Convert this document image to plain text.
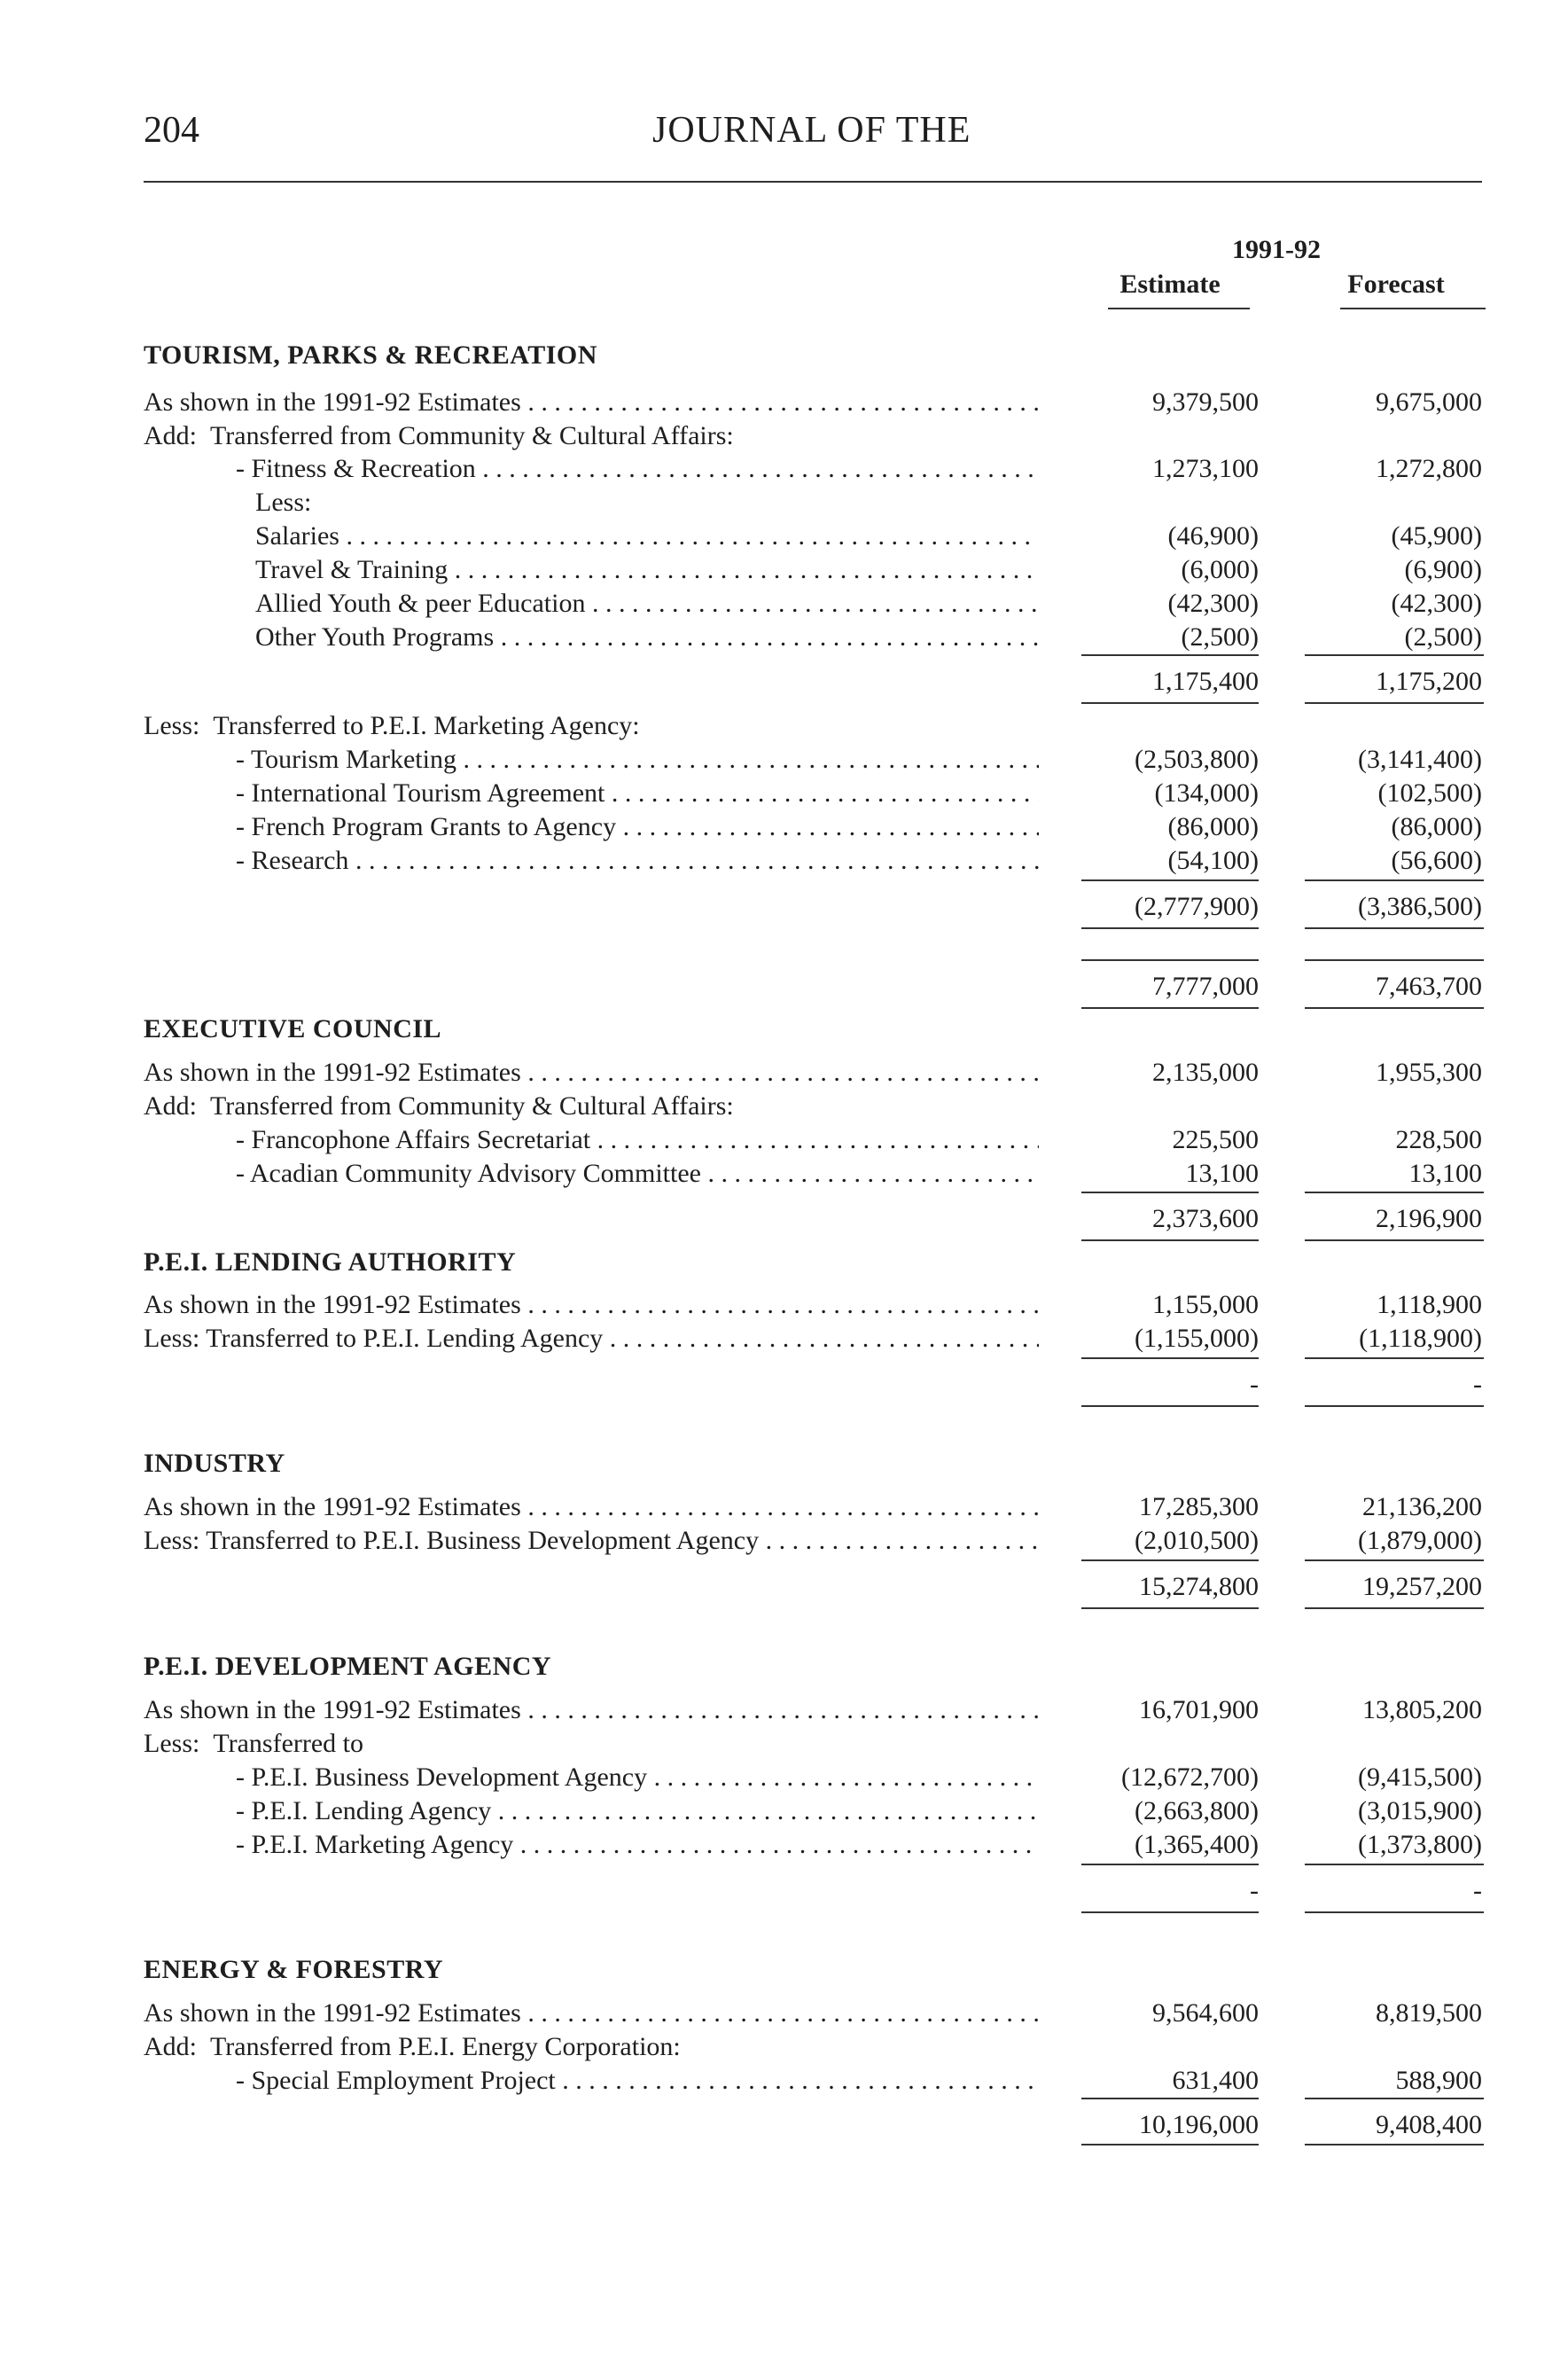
204	JOURNAL OF THE
1991-92
Estimate	Forecast
TOURISM, PARKS & RECREATION
As shown in the 1991-92 Estimates . . .	9,379,500	9,675,000
Add:  Transferred from Community & Cultural Affairs:
- Fitness & Recreation . . .	1,273,100	1,272,800
Less:
Salaries . . .	(46,900)	(45,900)
Travel & Training . . .	(6,000)	(6,900)
Allied Youth & peer Education . . .	(42,300)	(42,300)
Other Youth Programs . . .	(2,500)	(2,500)
1,175,400	1,175,200
Less:  Transferred to P.E.I. Marketing Agency:
- Tourism Marketing . . .	(2,503,800)	(3,141,400)
- International Tourism Agreement . . .	(134,000)	(102,500)
- French Program Grants to Agency . . .	(86,000)	(86,000)
- Research . . .	(54,100)	(56,600)
(2,777,900)	(3,386,500)
7,777,000	7,463,700
EXECUTIVE COUNCIL
As shown in the 1991-92 Estimates . . .	2,135,000	1,955,300
Add:  Transferred from Community & Cultural Affairs:
- Francophone Affairs Secretariat . . .	225,500	228,500
- Acadian Community Advisory Committee . . .	13,100	13,100
2,373,600	2,196,900
P.E.I. LENDING AUTHORITY
As shown in the 1991-92 Estimates . . .	1,155,000	1,118,900
Less: Transferred to P.E.I. Lending Agency . . .	(1,155,000)	(1,118,900)
-	-
INDUSTRY
As shown in the 1991-92 Estimates . . .	17,285,300	21,136,200
Less: Transferred to P.E.I. Business Development Agency . . .	(2,010,500)	(1,879,000)
15,274,800	19,257,200
P.E.I. DEVELOPMENT AGENCY
As shown in the 1991-92 Estimates . . .	16,701,900	13,805,200
Less:  Transferred to
- P.E.I. Business Development Agency . . .	(12,672,700)	(9,415,500)
- P.E.I. Lending Agency . . .	(2,663,800)	(3,015,900)
- P.E.I. Marketing Agency . . .	(1,365,400)	(1,373,800)
-	-
ENERGY & FORESTRY
As shown in the 1991-92 Estimates . . .	9,564,600	8,819,500
Add:  Transferred from P.E.I. Energy Corporation:
- Special Employment Project . . .	631,400	588,900
10,196,000	9,408,400
